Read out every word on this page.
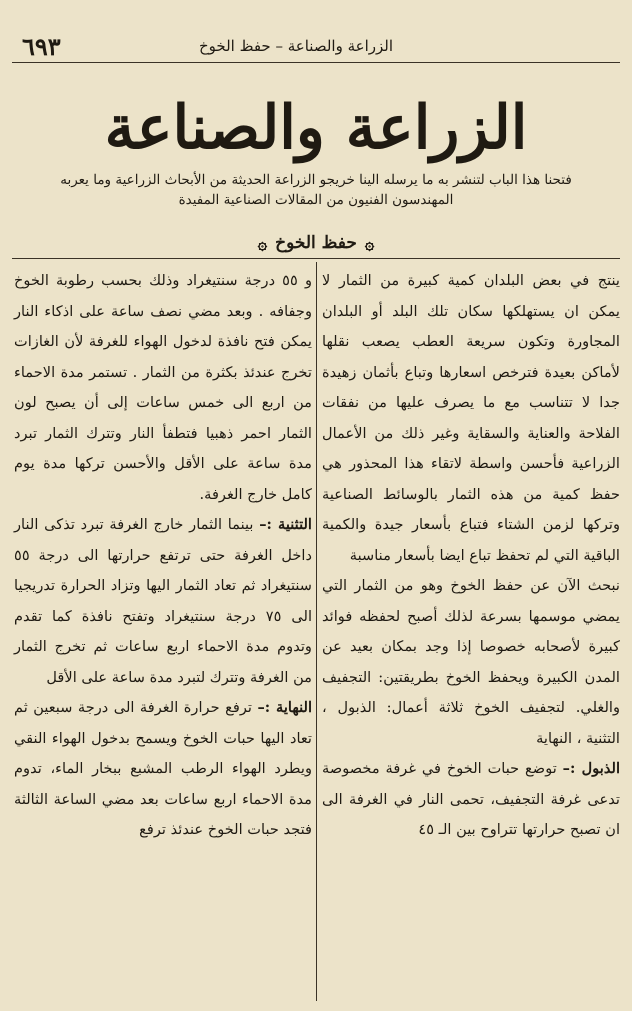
٦٩٣	الزراعة والصناعة – حفظ الخوخ
الزراعة والصناعة
فتحنا هذا الباب لتنشر به ما يرسله الينا خريجو الزراعة الحديثة من الأبحاث الزراعية وما يعربه المهندسون الفنيون من المقالات الصناعية المفيدة
۞
حفظ الخوخ
۞

ينتج في بعض البلدان كمية كبيرة من الثمار لا يمكن ان يستهلكها سكان تلك البلد أو البلدان المجاورة وتكون سريعة العطب يصعب نقلها لأماكن بعيدة فترخص اسعارها وتباع بأثمان زهيدة جدا لا تتناسب مع ما يصرف عليها من نفقات الفلاحة والعناية والسقاية وغير ذلك من الأعمال الزراعية فأحسن واسطة لاتقاء هذا المحذور هي حفظ كمية من هذه الثمار بالوسائط الصناعية وتركها لزمن الشتاء فتباع بأسعار جيدة والكمية الباقية التي لم تحفظ تباع ايضا بأسعار مناسبة

نبحث الآن عن حفظ الخوخ وهو من الثمار التي يمضي موسمها بسرعة لذلك أصبح لحفظه فوائد كبيرة لأصحابه خصوصا إذا وجد بمكان بعيد عن المدن الكبيرة ويحفظ الخوخ بطريقتين: التجفيف والغلي. لتجفيف الخوخ ثلاثة أعمال: الذبول ، التثنية ، النهاية

الذبول :– توضع حبات الخوخ في غرفة مخصوصة تدعى غرفة التجفيف، تحمى النار في الغرفة الى ان تصبح حرارتها تتراوح بين الـ ٤٥

و ٥٥ درجة سنتيغراد وذلك بحسب رطوبة الخوخ وجفافه . وبعد مضي نصف ساعة على اذكاء النار يمكن فتح نافذة لدخول الهواء للغرفة لأن الغازات تخرج عندئذ بكثرة من الثمار . تستمر مدة الاحماء من اربع الى خمس ساعات إلى أن يصبح لون الثمار احمر ذهبيا فتطفأ النار وتترك الثمار تبرد مدة ساعة على الأقل والأحسن تركها مدة يوم كامل خارج الغرفة.

التثنية :– بينما الثمار خارج الغرفة تبرد تذكى النار داخل الغرفة حتى ترتفع حرارتها الى درجة ٥٥ سنتيغراد ثم تعاد الثمار اليها وتزاد الحرارة تدريجيا الى ٧٥ درجة سنتيغراد وتفتح نافذة كما تقدم وتدوم مدة الاحماء اربع ساعات ثم تخرج الثمار من الغرفة وتترك لتبرد مدة ساعة على الأقل

النهاية :– ترفع حرارة الغرفة الى درجة سبعين ثم تعاد اليها حبات الخوخ ويسمح بدخول الهواء النقي ويطرد الهواء الرطب المشبع ببخار الماء، تدوم مدة الاحماء اربع ساعات بعد مضي الساعة الثالثة فتجد حبات الخوخ عندئذ ترفع
